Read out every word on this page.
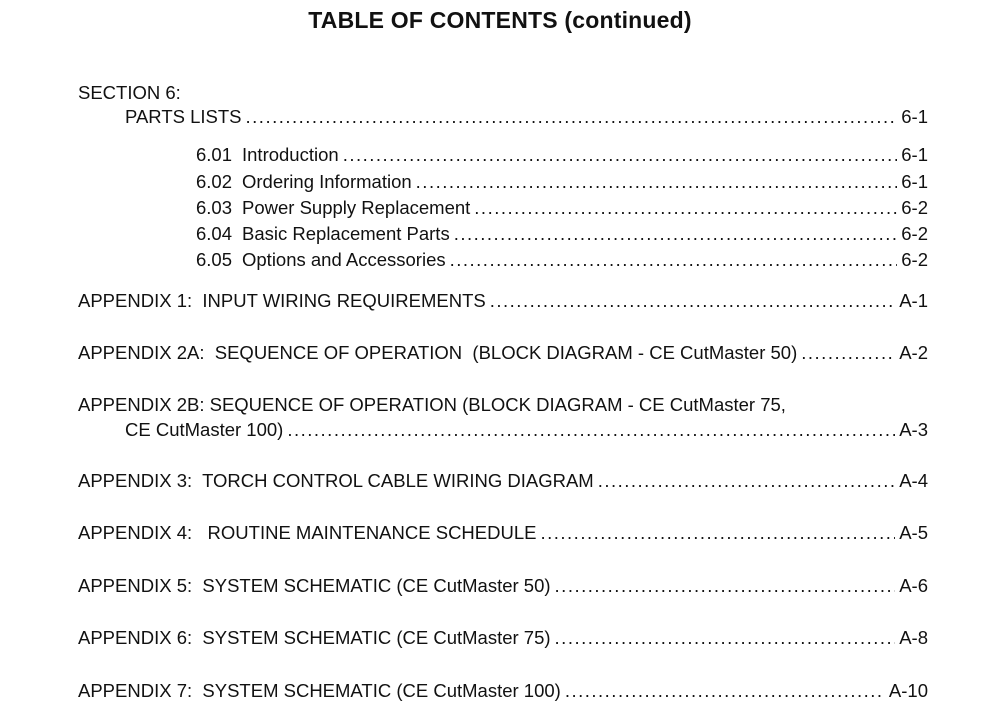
TABLE OF CONTENTS (continued)
SECTION 6:
PARTS LISTS .....	6-1
6.01 Introduction .....	6-1
6.02 Ordering Information .....	6-1
6.03 Power Supply Replacement .....	6-2
6.04 Basic Replacement Parts .....	6-2
6.05 Options and Accessories .....	6-2
APPENDIX 1:  INPUT WIRING REQUIREMENTS .....	A-1
APPENDIX 2A:  SEQUENCE OF OPERATION  (BLOCK DIAGRAM - CE CutMaster 50) .....	A-2
APPENDIX 2B: SEQUENCE OF OPERATION (BLOCK DIAGRAM - CE CutMaster 75,
CE CutMaster 100) .....	A-3
APPENDIX 3:  TORCH CONTROL CABLE WIRING DIAGRAM .....	A-4
APPENDIX 4:   ROUTINE MAINTENANCE SCHEDULE .....	A-5
APPENDIX 5:  SYSTEM SCHEMATIC (CE CutMaster 50) .....	A-6
APPENDIX 6:  SYSTEM SCHEMATIC (CE CutMaster 75) .....	A-8
APPENDIX 7:  SYSTEM SCHEMATIC (CE CutMaster 100) .....	A-10
